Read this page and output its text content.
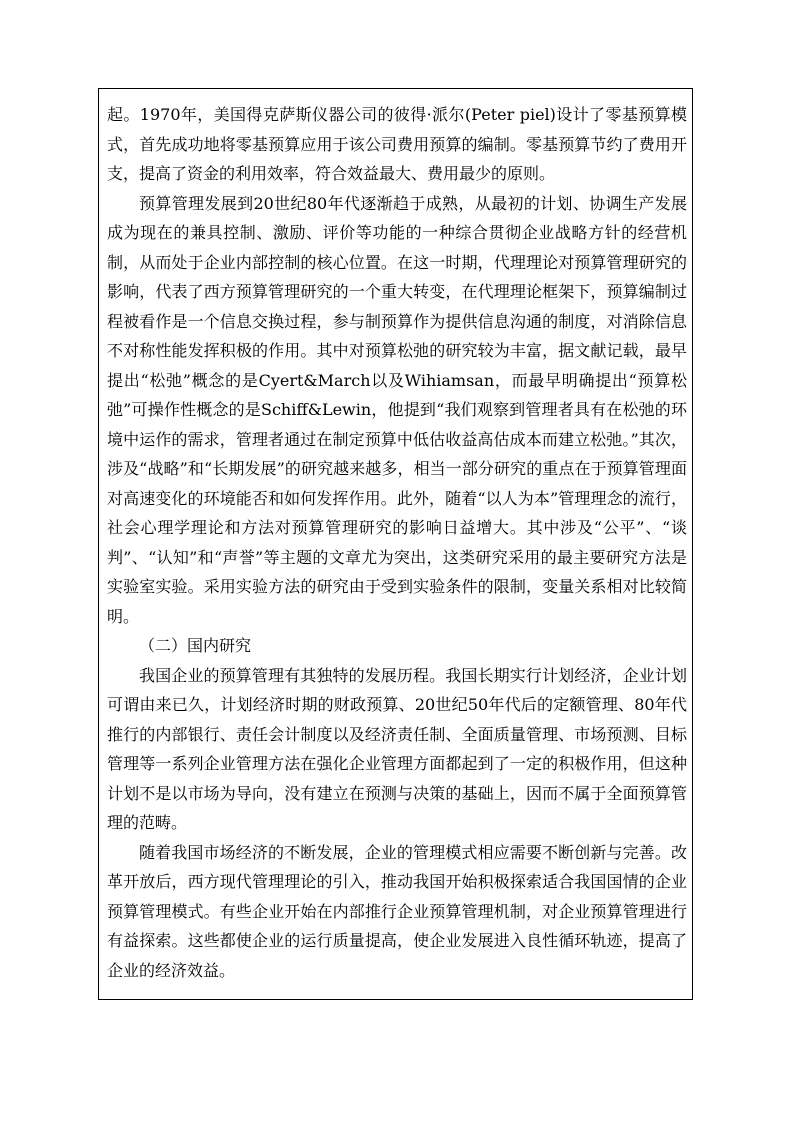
起。1970年，美国得克萨斯仪器公司的彼得·派尔(Peter piel)设计了零基预算模式，首先成功地将零基预算应用于该公司费用预算的编制。零基预算节约了费用开支，提高了资金的利用效率，符合效益最大、费用最少的原则。

预算管理发展到20世纪80年代逐渐趋于成熟，从最初的计划、协调生产发展成为现在的兼具控制、激励、评价等功能的一种综合贯彻企业战略方针的经营机制，从而处于企业内部控制的核心位置。在这一时期，代理理论对预算管理研究的影响，代表了西方预算管理研究的一个重大转变，在代理理论框架下，预算编制过程被看作是一个信息交换过程，参与制预算作为提供信息沟通的制度，对消除信息不对称性能发挥积极的作用。其中对预算松弛的研究较为丰富，据文献记载，最早提出“松弛”概念的是Cyert&March以及Wihiamsan，而最早明确提出“预算松弛”可操作性概念的是Schiff&Lewin，他提到“我们观察到管理者具有在松弛的环境中运作的需求，管理者通过在制定预算中低估收益高估成本而建立松弛。”其次，涉及“战略”和“长期发展”的研究越来越多，相当一部分研究的重点在于预算管理面对高速变化的环境能否和如何发挥作用。此外，随着“以人为本”管理理念的流行，社会心理学理论和方法对预算管理研究的影响日益增大。其中涉及“公平”、“谈判”、“认知”和“声誉”等主题的文章尤为突出，这类研究采用的最主要研究方法是实验室实验。采用实验方法的研究由于受到实验条件的限制，变量关系相对比较简明。

（二）国内研究

我国企业的预算管理有其独特的发展历程。我国长期实行计划经济，企业计划可谓由来已久，计划经济时期的财政预算、20世纪50年代后的定额管理、80年代推行的内部银行、责任会计制度以及经济责任制、全面质量管理、市场预测、目标管理等一系列企业管理方法在强化企业管理方面都起到了一定的积极作用，但这种计划不是以市场为导向，没有建立在预测与决策的基础上，因而不属于全面预算管理的范畴。

随着我国市场经济的不断发展，企业的管理模式相应需要不断创新与完善。改革开放后，西方现代管理理论的引入，推动我国开始积极探索适合我国国情的企业预算管理模式。有些企业开始在内部推行企业预算管理机制，对企业预算管理进行有益探索。这些都使企业的运行质量提高，使企业发展进入良性循环轨迹，提高了企业的经济效益。
